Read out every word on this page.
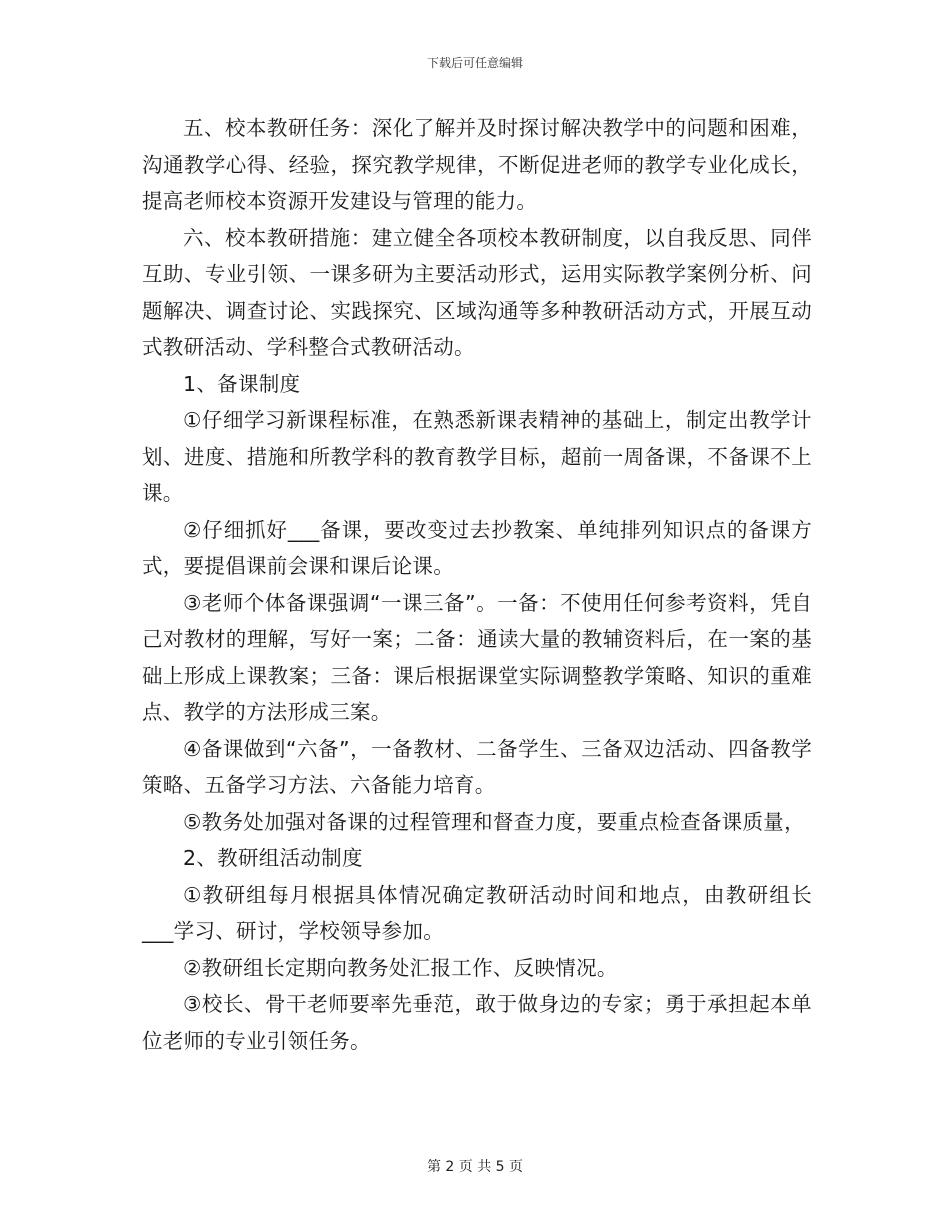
下载后可任意编辑

五、校本教研任务：深化了解并及时探讨解决教学中的问题和困难，沟通教学心得、经验，探究教学规律，不断促进老师的教学专业化成长，提高老师校本资源开发建设与管理的能力。

六、校本教研措施：建立健全各项校本教研制度，以自我反思、同伴互助、专业引领、一课多研为主要活动形式，运用实际教学案例分析、问题解决、调查讨论、实践探究、区域沟通等多种教研活动方式，开展互动式教研活动、学科整合式教研活动。

1、备课制度

①仔细学习新课程标准，在熟悉新课表精神的基础上，制定出教学计划、进度、措施和所教学科的教育教学目标，超前一周备课，不备课不上课。

②仔细抓好___备课，要改变过去抄教案、单纯排列知识点的备课方式，要提倡课前会课和课后论课。

③老师个体备课强调“一课三备”。一备：不使用任何参考资料，凭自己对教材的理解，写好一案；二备：通读大量的教辅资料后，在一案的基础上形成上课教案；三备：课后根据课堂实际调整教学策略、知识的重难点、教学的方法形成三案。

④备课做到“六备”，一备教材、二备学生、三备双边活动、四备教学策略、五备学习方法、六备能力培育。

⑤教务处加强对备课的过程管理和督查力度，要重点检查备课质量，

2、教研组活动制度

①教研组每月根据具体情况确定教研活动时间和地点，由教研组长___学习、研讨，学校领导参加。

②教研组长定期向教务处汇报工作、反映情况。

③校长、骨干老师要率先垂范，敢于做身边的专家；勇于承担起本单位老师的专业引领任务。

第 2 页 共 5 页
